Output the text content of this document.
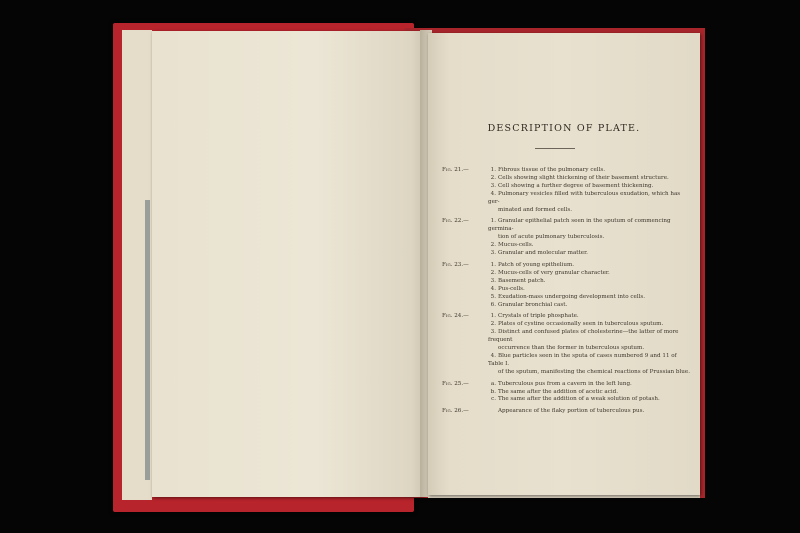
DESCRIPTION OF PLATE.
Fig. 21.—	1. Fibrous tissue of the pulmonary cells.
2. Cells showing slight thickening of their basement structure.
3. Cell showing a further degree of basement thickening.
4. Pulmonary vesicles filled with tuberculous exudation, which has ger-
minated and formed cells.
Fig. 22.—	1. Granular epithelial patch seen in the sputum of commencing germina-
tion of acute pulmonary tuberculosis.
2. Mucus-cells.
3. Granular and molecular matter.
Fig. 23.—	1. Patch of young epithelium.
2. Mucus-cells of very granular character.
3. Basement patch.
4. Pus-cells.
5. Exudation-mass undergoing development into cells.
6. Granular bronchial cast.
Fig. 24.—	1. Crystals of triple phosphate.
2. Plates of cystine occasionally seen in tuberculous sputum.
3. Distinct and confused plates of cholesterine—the latter of more frequent
occurrence than the former in tuberculous sputum.
4. Blue particles seen in the sputa of cases numbered 9 and 11 of Table I.
of the sputum, manifesting the chemical reactions of Prussian blue.
Fig. 25.—	a. Tuberculous pus from a cavern in the left lung.
b. The same after the addition of acetic acid.
c. The same after the addition of a weak solution of potash.
Fig. 26.—	Appearance of the flaky portion of tuberculous pus.
